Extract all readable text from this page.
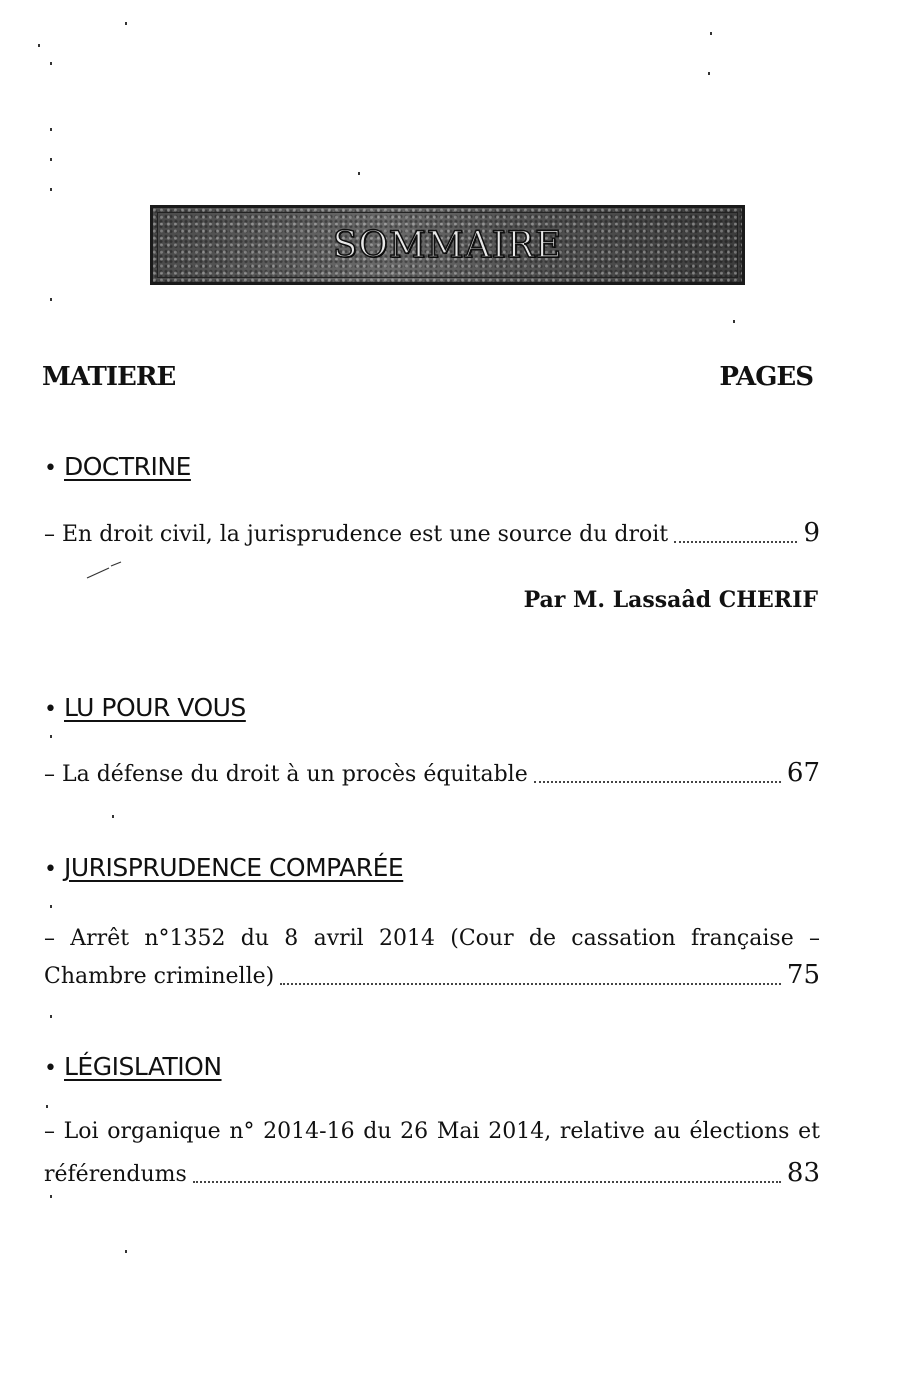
SOMMAIRE
MATIERE	PAGES
• DOCTRINE
– En droit civil, la jurisprudence est une source du droit	9
Par M. Lassaâd CHERIF
• LU POUR VOUS
– La défense du droit à un procès équitable	67
• JURISPRUDENCE COMPARÉE
– Arrêt n°1352 du 8 avril 2014 (Cour de cassation française –
Chambre criminelle)	75
• LÉGISLATION
– Loi organique n° 2014-16 du 26 Mai 2014, relative au élections et
référendums	83
